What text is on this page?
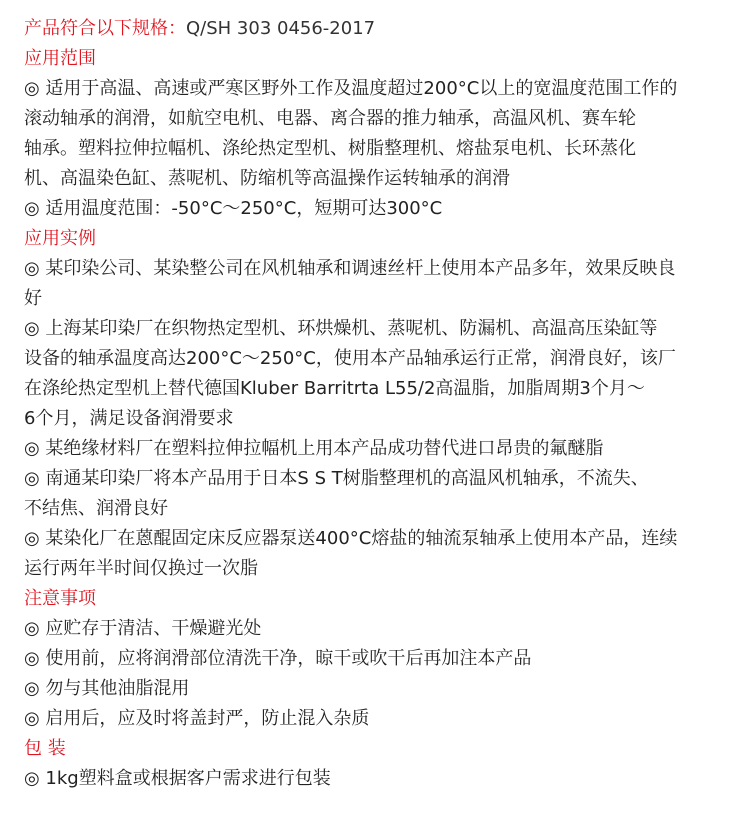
产品符合以下规格：Q/SH 303 0456-2017

应用范围

◎ 适用于高温、高速或严寒区野外工作及温度超过200°C以上的宽温度范围工作的

滚动轴承的润滑，如航空电机、电器、离合器的推力轴承，高温风机、赛车轮

轴承。塑料拉伸拉幅机、涤纶热定型机、树脂整理机、熔盐泵电机、长环蒸化

机、高温染色缸、蒸呢机、防缩机等高温操作运转轴承的润滑

◎ 适用温度范围：-50°C～250°C，短期可达300°C

应用实例

◎ 某印染公司、某染整公司在风机轴承和调速丝杆上使用本产品多年，效果反映良

好

◎ 上海某印染厂在织物热定型机、环烘燥机、蒸呢机、防漏机、高温高压染缸等

设备的轴承温度高达200°C～250°C，使用本产品轴承运行正常，润滑良好，该厂

在涤纶热定型机上替代德国Kluber Barritrta L55/2高温脂，加脂周期3个月～

6个月，满足设备润滑要求

◎ 某绝缘材料厂在塑料拉伸拉幅机上用本产品成功替代进口昂贵的氟醚脂

◎ 南通某印染厂将本产品用于日本S S T树脂整理机的高温风机轴承，不流失、

不结焦、润滑良好

◎ 某染化厂在蒽醌固定床反应器泵送400°C熔盐的轴流泵轴承上使用本产品，连续

运行两年半时间仅换过一次脂

注意事项

◎ 应贮存于清洁、干燥避光处

◎ 使用前，应将润滑部位清洗干净，晾干或吹干后再加注本产品

◎ 勿与其他油脂混用

◎ 启用后，应及时将盖封严，防止混入杂质

包 装

◎ 1kg塑料盒或根据客户需求进行包装
